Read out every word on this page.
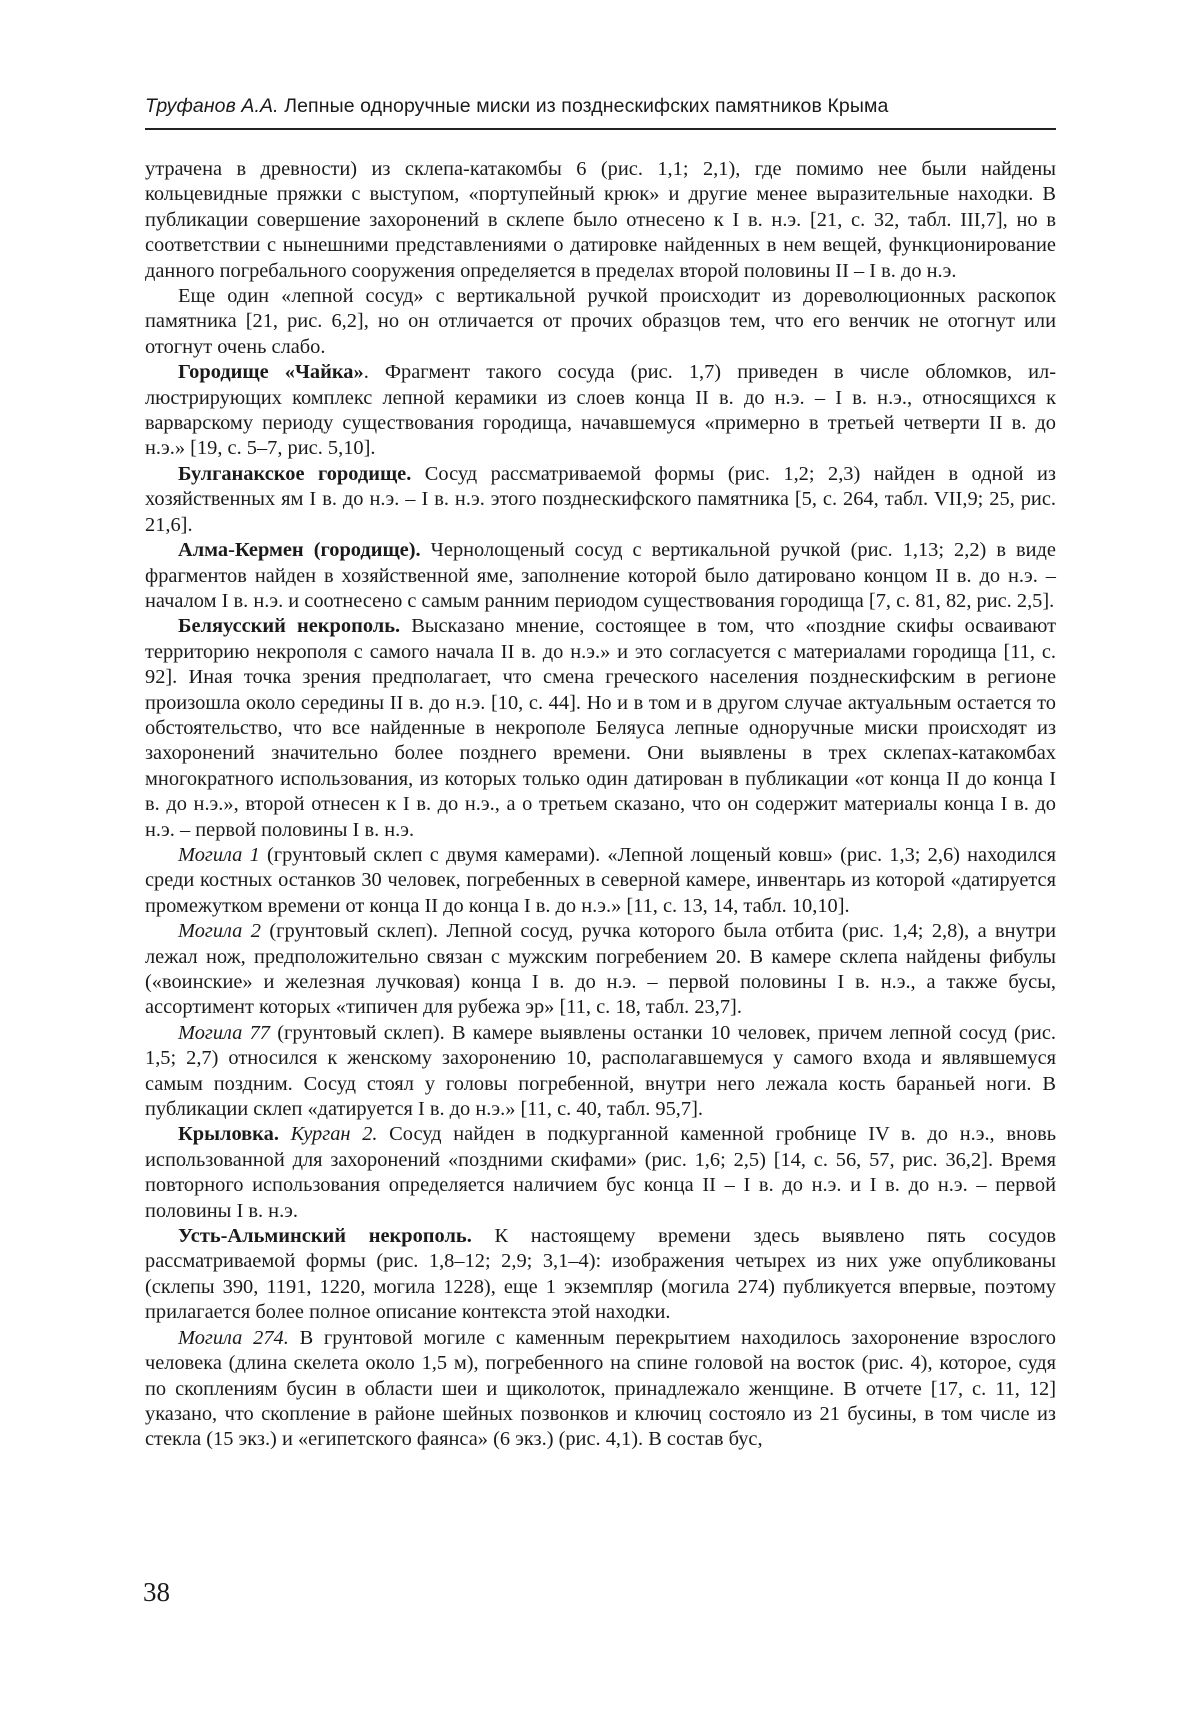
Труфанов А.А. Лепные одноручные миски из позднескифских памятников Крыма

утрачена в древности) из склепа-катакомбы 6 (рис. 1,1; 2,1), где помимо нее были найдены кольцевидные пряжки с выступом, «портупейный крюк» и другие менее выразительные находки. В публикации совершение захоронений в склепе было отнесено к I в. н.э. [21, с. 32, табл. III,7], но в соответствии с нынешними представлениями о датировке найденных в нем вещей, функционирование данного погребального сооружения определяется в пределах второй половины II – I в. до н.э.

Еще один «лепной сосуд» с вертикальной ручкой происходит из дореволюционных раскопок памятника [21, рис. 6,2], но он отличается от прочих образцов тем, что его венчик не отогнут или отогнут очень слабо.

Городище «Чайка». Фрагмент такого сосуда (рис. 1,7) приведен в числе обломков, иллюстрирующих комплекс лепной керамики из слоев конца II в. до н.э. – I в. н.э., относящихся к варварскому периоду существования городища, начавшемуся «примерно в третьей четверти II в. до н.э.» [19, с. 5–7, рис. 5,10].

Булганакское городище. Сосуд рассматриваемой формы (рис. 1,2; 2,3) найден в одной из хозяйственных ям I в. до н.э. – I в. н.э. этого позднескифского памятника [5, с. 264, табл. VII,9; 25, рис. 21,6].

Алма-Кермен (городище). Чернолощеный сосуд с вертикальной ручкой (рис. 1,13; 2,2) в виде фрагментов найден в хозяйственной яме, заполнение которой было датировано концом II в. до н.э. – началом I в. н.э. и соотнесено с самым ранним периодом существования городища [7, с. 81, 82, рис. 2,5].

Беляусский некрополь. Высказано мнение, состоящее в том, что «поздние скифы осваивают территорию некрополя с самого начала II в. до н.э.» и это согласуется с материалами городища [11, с. 92]. Иная точка зрения предполагает, что смена греческого населения позднескифским в регионе произошла около середины II в. до н.э. [10, с. 44]. Но и в том и в другом случае актуальным остается то обстоятельство, что все найденные в некрополе Беляуса лепные одноручные миски происходят из захоронений значительно более позднего времени. Они выявлены в трех склепах-катакомбах многократного использования, из которых только один датирован в публикации «от конца II до конца I в. до н.э.», второй отнесен к I в. до н.э., а о третьем сказано, что он содержит материалы конца I в. до н.э. – первой половины I в. н.э.

Могила 1 (грунтовый склеп с двумя камерами). «Лепной лощеный ковш» (рис. 1,3; 2,6) находился среди костных останков 30 человек, погребенных в северной камере, инвентарь из которой «датируется промежутком времени от конца II до конца I в. до н.э.» [11, с. 13, 14, табл. 10,10].

Могила 2 (грунтовый склеп). Лепной сосуд, ручка которого была отбита (рис. 1,4; 2,8), а внутри лежал нож, предположительно связан с мужским погребением 20. В камере склепа найдены фибулы («воинские» и железная лучковая) конца I в. до н.э. – первой половины I в. н.э., а также бусы, ассортимент которых «типичен для рубежа эр» [11, с. 18, табл. 23,7].

Могила 77 (грунтовый склеп). В камере выявлены останки 10 человек, причем лепной сосуд (рис. 1,5; 2,7) относился к женскому захоронению 10, располагавшемуся у самого входа и являвшемуся самым поздним. Сосуд стоял у головы погребенной, внутри него лежала кость бараньей ноги. В публикации склеп «датируется I в. до н.э.» [11, с. 40, табл. 95,7].

Крыловка. Курган 2. Сосуд найден в подкурганной каменной гробнице IV в. до н.э., вновь использованной для захоронений «поздними скифами» (рис. 1,6; 2,5) [14, с. 56, 57, рис. 36,2]. Время повторного использования определяется наличием бус конца II – I в. до н.э. и I в. до н.э. – первой половины I в. н.э.

Усть-Альминский некрополь. К настоящему времени здесь выявлено пять сосудов рассматриваемой формы (рис. 1,8–12; 2,9; 3,1–4): изображения четырех из них уже опубликованы (склепы 390, 1191, 1220, могила 1228), еще 1 экземпляр (могила 274) публикуется впервые, поэтому прилагается более полное описание контекста этой находки.

Могила 274. В грунтовой могиле с каменным перекрытием находилось захоронение взрослого человека (длина скелета около 1,5 м), погребенного на спине головой на восток (рис. 4), которое, судя по скоплениям бусин в области шеи и щиколоток, принадлежало женщине. В отчете [17, с. 11, 12] указано, что скопление в районе шейных позвонков и ключиц состояло из 21 бусины, в том числе из стекла (15 экз.) и «египетского фаянса» (6 экз.) (рис. 4,1). В состав бус,

38
